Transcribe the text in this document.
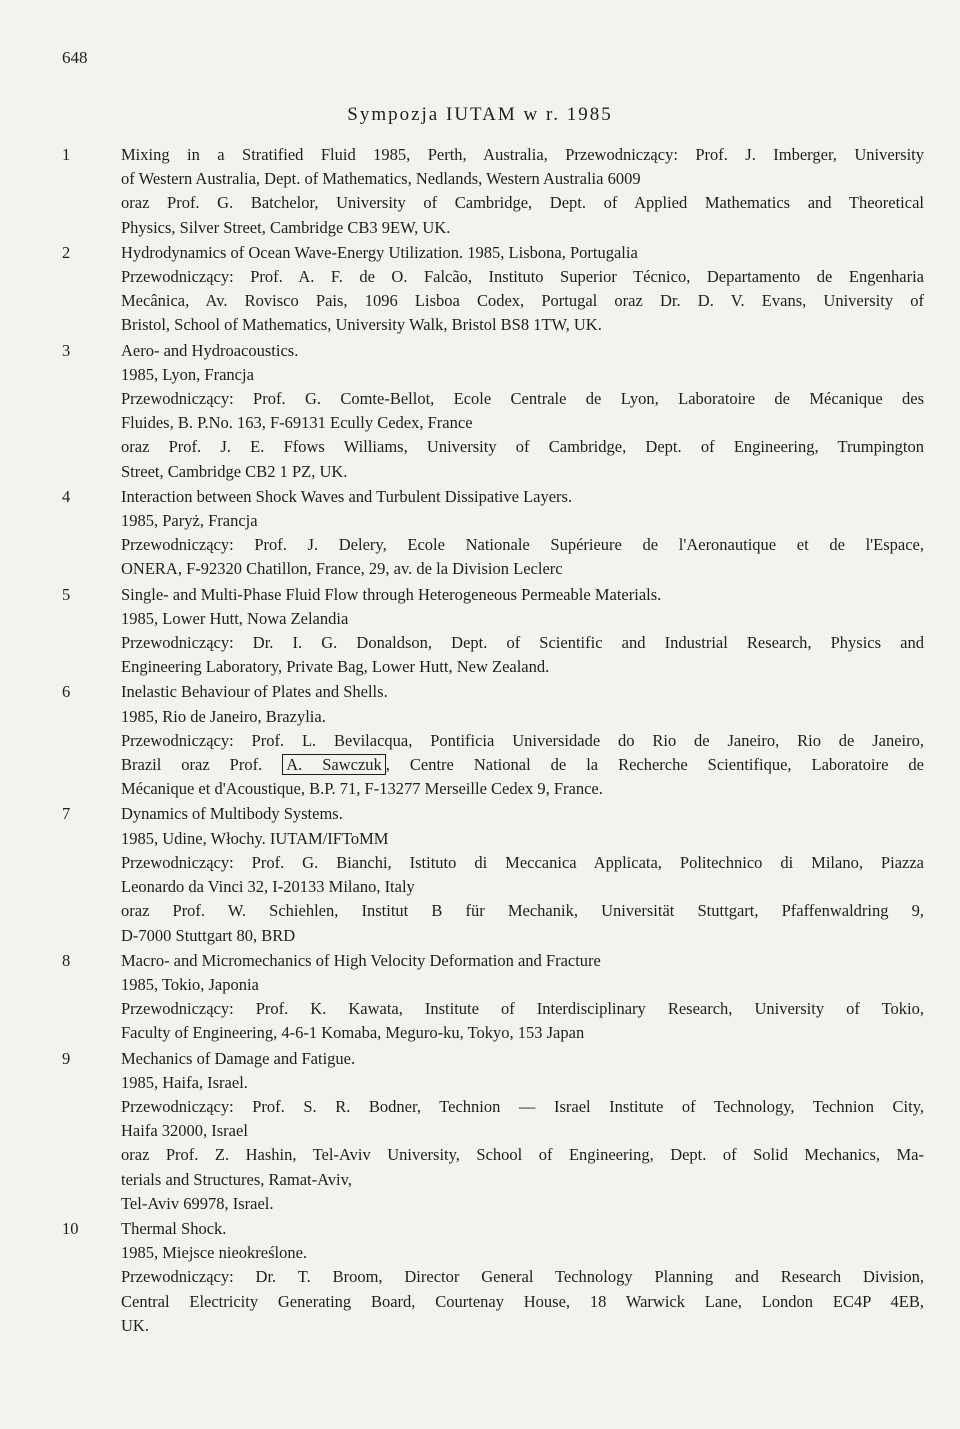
648
Sympozja IUTAM w r. 1985
1	Mixing in a Stratified Fluid 1985, Perth, Australia, Przewodniczący: Prof. J. Imberger, University
of Western Australia, Dept. of Mathematics, Nedlands, Western Australia 6009
oraz Prof. G. Batchelor, University of Cambridge, Dept. of Applied Mathematics and Theoretical
Physics, Silver Street, Cambridge CB3 9EW, UK.
2	Hydrodynamics of Ocean Wave-Energy Utilization. 1985, Lisbona, Portugalia
Przewodniczący: Prof. A. F. de O. Falcão, Instituto Superior Técnico, Departamento de Engenharia
Mecânica, Av. Rovisco Pais, 1096 Lisboa Codex, Portugal oraz Dr. D. V. Evans, University of
Bristol, School of Mathematics, University Walk, Bristol BS8 1TW, UK.
3	Aero- and Hydroacoustics.
1985, Lyon, Francja
Przewodniczący: Prof. G. Comte-Bellot, Ecole Centrale de Lyon, Laboratoire de Mécanique des
Fluides, B. P.No. 163, F-69131 Ecully Cedex, France
oraz Prof. J. E. Ffows Williams, University of Cambridge, Dept. of Engineering, Trumpington
Street, Cambridge CB2 1 PZ, UK.
4	Interaction between Shock Waves and Turbulent Dissipative Layers.
1985, Paryż, Francja
Przewodniczący: Prof. J. Delery, Ecole Nationale Supérieure de l'Aeronautique et de l'Espace,
ONERA, F-92320 Chatillon, France, 29, av. de la Division Leclerc
5	Single- and Multi-Phase Fluid Flow through Heterogeneous Permeable Materials.
1985, Lower Hutt, Nowa Zelandia
Przewodniczący: Dr. I. G. Donaldson, Dept. of Scientific and Industrial Research, Physics and
Engineering Laboratory, Private Bag, Lower Hutt, New Zealand.
6	Inelastic Behaviour of Plates and Shells.
1985, Rio de Janeiro, Brazylia.
Przewodniczący: Prof. L. Bevilacqua, Pontificia Universidade do Rio de Janeiro, Rio de Janeiro,
Brazil oraz Prof. A. Sawczuk , Centre National de la Recherche Scientifique, Laboratoire de
Mécanique et d'Acoustique, B.P. 71, F-13277 Merseille Cedex 9, France.
7	Dynamics of Multibody Systems.
1985, Udine, Włochy. IUTAM/IFToMM
Przewodniczący: Prof. G. Bianchi, Istituto di Meccanica Applicata, Politechnico di Milano, Piazza
Leonardo da Vinci 32, I-20133 Milano, Italy
oraz Prof. W. Schiehlen, Institut B für Mechanik, Universität Stuttgart, Pfaffenwaldring 9,
D-7000 Stuttgart 80, BRD
8	Macro- and Micromechanics of High Velocity Deformation and Fracture
1985, Tokio, Japonia
Przewodniczący: Prof. K. Kawata, Institute of Interdisciplinary Research, University of Tokio,
Faculty of Engineering, 4-6-1 Komaba, Meguro-ku, Tokyo, 153 Japan
9	Mechanics of Damage and Fatigue.
1985, Haifa, Israel.
Przewodniczący: Prof. S. R. Bodner, Technion — Israel Institute of Technology, Technion City,
Haifa 32000, Israel
oraz Prof. Z. Hashin, Tel-Aviv University, School of Engineering, Dept. of Solid Mechanics, Ma-
terials and Structures, Ramat-Aviv,
Tel-Aviv 69978, Israel.
10	Thermal Shock.
1985, Miejsce nieokreślone.
Przewodniczący: Dr. T. Broom, Director General Technology Planning and Research Division,
Central Electricity Generating Board, Courtenay House, 18 Warwick Lane, London EC4P 4EB,
UK.
